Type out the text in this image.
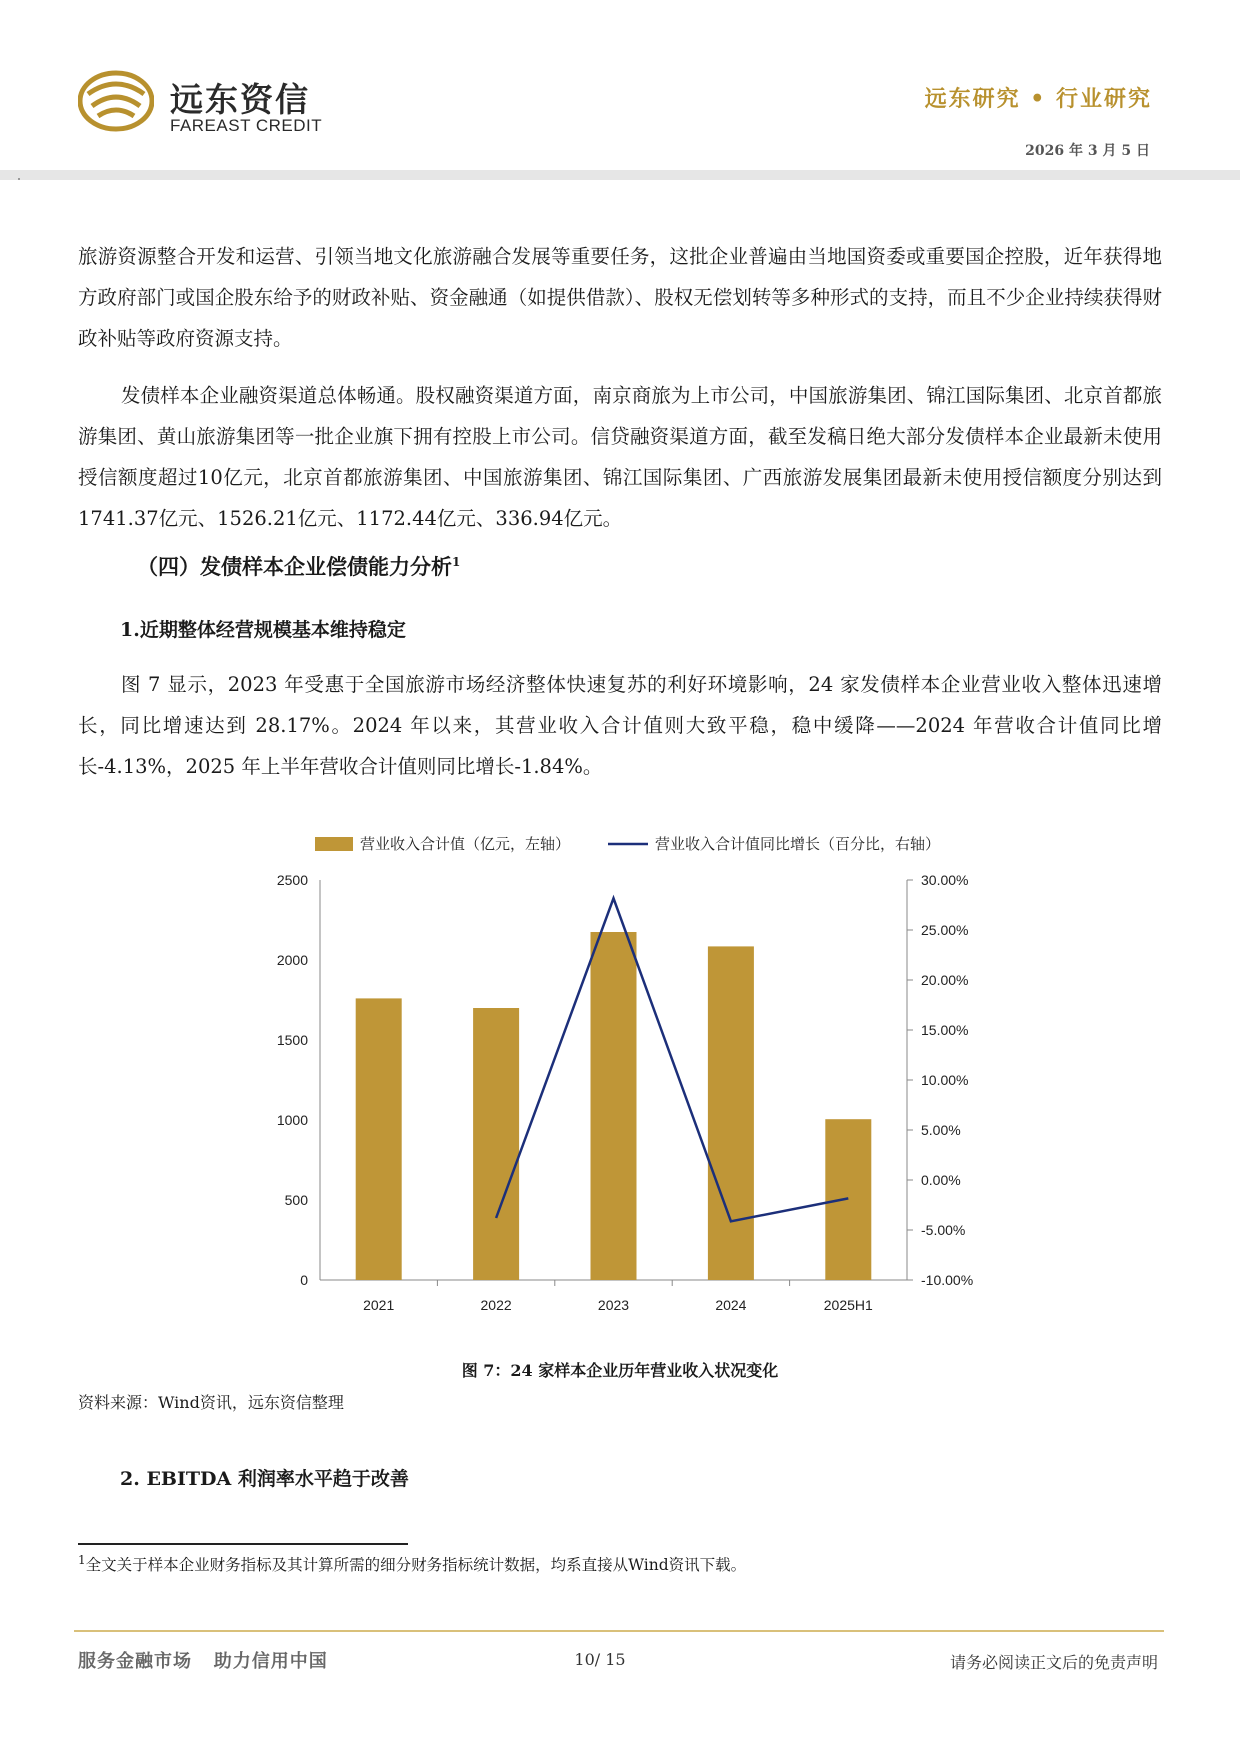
远东资信
FAREAST CREDIT
远东研究 • 行业研究
2026 年 3 月 5 日

旅游资源整合开发和运营、引领当地文化旅游融合发展等重要任务，这批企业普遍由当地国资委或重要国企控股，近年获得地方政府部门或国企股东给予的财政补贴、资金融通（如提供借款）、股权无偿划转等多种形式的支持，而且不少企业持续获得财政补贴等政府资源支持。

发债样本企业融资渠道总体畅通。股权融资渠道方面，南京商旅为上市公司，中国旅游集团、锦江国际集团、北京首都旅游集团、黄山旅游集团等一批企业旗下拥有控股上市公司。信贷融资渠道方面，截至发稿日绝大部分发债样本企业最新未使用授信额度超过10亿元，北京首都旅游集团、中国旅游集团、锦江国际集团、广西旅游发展集团最新未使用授信额度分别达到1741.37亿元、1526.21亿元、1172.44亿元、336.94亿元。

（四）发债样本企业偿债能力分析$^1$
1.近期整体经营规模基本维持稳定

图 7 显示，2023 年受惠于全国旅游市场经济整体快速复苏的利好环境影响，24 家发债样本企业营业收入整体迅速增长，同比增速达到 28.17%。2024 年以来，其营业收入合计值则大致平稳，稳中缓降——2024 年营收合计值同比增长-4.13%，2025 年上半年营收合计值则同比增长-1.84%。

营业收入合计值（亿元，左轴）	营业收入合计值同比增长（百分比，右轴）
0
500
1000
1500
2000
2500
-10.00%
-5.00%
0.00%
5.00%
10.00%
15.00%
20.00%
25.00%
30.00%
2021	2022	2023	2024	2025H1
图 7：24 家样本企业历年营业收入状况变化
资料来源：Wind资讯，远东资信整理
2. EBITDA 利润率水平趋于改善
$^1$全文关于样本企业财务指标及其计算所需的细分财务指标统计数据，均系直接从Wind资讯下载。
服务金融市场   助力信用中国	10/ 15	请务必阅读正文后的免责声明
